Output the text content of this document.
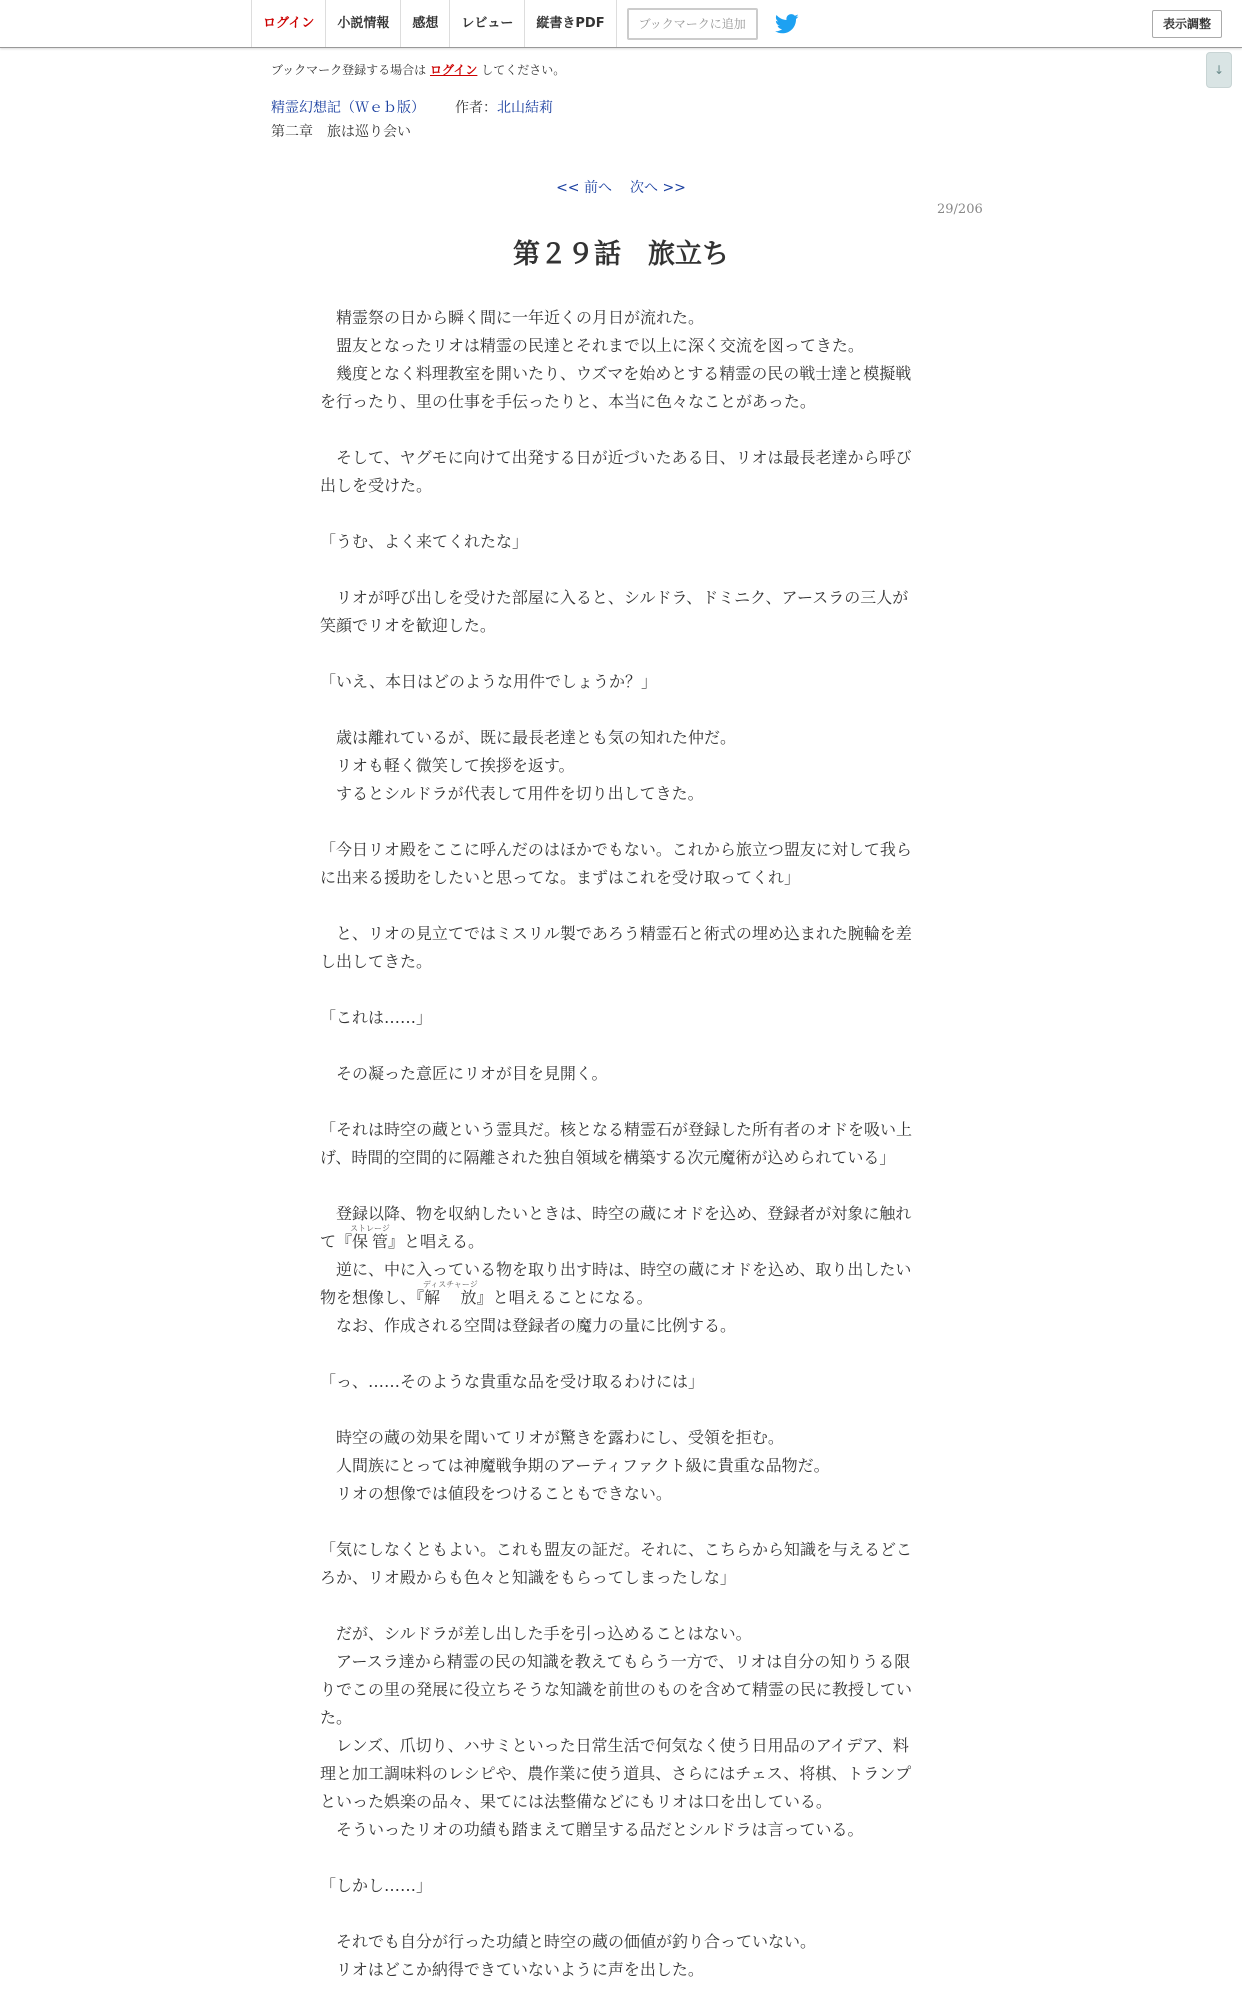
ログイン	小説情報	感想	レビュー	縦書きPDF	ブックマークに追加	表示調整
↓
ブックマーク登録する場合は ログイン してください。
精霊幻想記（Ｗｅｂ版） 作者：北山結莉
第二章　旅は巡り会い
<< 前へ 次へ >>
29/206
第２９話　旅立ち
　精霊祭の日から瞬く間に一年近くの月日が流れた。
　盟友となったリオは精霊の民達とそれまで以上に深く交流を図ってきた。
　幾度となく料理教室を開いたり、ウズマを始めとする精霊の民の戦士達と模擬戦を行ったり、里の仕事を手伝ったりと、本当に色々なことがあった。
　そして、ヤグモに向けて出発する日が近づいたある日、リオは最長老達から呼び出しを受けた。
「うむ、よく来てくれたな」
　リオが呼び出しを受けた部屋に入ると、シルドラ、ドミニク、アースラの三人が笑顔でリオを歓迎した。
「いえ、本日はどのような用件でしょうか？」
　歳は離れているが、既に最長老達とも気の知れた仲だ。
　リオも軽く微笑して挨拶を返す。
　するとシルドラが代表して用件を切り出してきた。
「今日リオ殿をここに呼んだのはほかでもない。これから旅立つ盟友に対して我らに出来る援助をしたいと思ってな。まずはこれを受け取ってくれ」
　と、リオの見立てではミスリル製であろう精霊石と術式の埋め込まれた腕輪を差し出してきた。
「これは……」
　その凝った意匠にリオが目を見開く。
「それは時空の蔵という霊具だ。核となる精霊石が登録した所有者のオドを吸い上げ、時間的空間的に隔離された独自領域を構築する次元魔術が込められている」
　登録以降、物を収納したいときは、時空の蔵にオドを込め、登録者が対象に触れて『保管ストレージ』と唱える。
　逆に、中に入っている物を取り出す時は、時空の蔵にオドを込め、取り出したい物を想像し、『解　放ディスチャージ』と唱えることになる。
　なお、作成される空間は登録者の魔力の量に比例する。
「っ、……そのような貴重な品を受け取るわけには」
　時空の蔵の効果を聞いてリオが驚きを露わにし、受領を拒む。
　人間族にとっては神魔戦争期のアーティファクト級に貴重な品物だ。
　リオの想像では値段をつけることもできない。
「気にしなくともよい。これも盟友の証だ。それに、こちらから知識を与えるどころか、リオ殿からも色々と知識をもらってしまったしな」
　だが、シルドラが差し出した手を引っ込めることはない。
　アースラ達から精霊の民の知識を教えてもらう一方で、リオは自分の知りうる限りでこの里の発展に役立ちそうな知識を前世のものを含めて精霊の民に教授していた。
　レンズ、爪切り、ハサミといった日常生活で何気なく使う日用品のアイデア、料理と加工調味料のレシピや、農作業に使う道具、さらにはチェス、将棋、トランプといった娯楽の品々、果てには法整備などにもリオは口を出している。
　そういったリオの功績も踏まえて贈呈する品だとシルドラは言っている。
「しかし……」
　それでも自分が行った功績と時空の蔵の価値が釣り合っていない。
　リオはどこか納得できていないように声を出した。
